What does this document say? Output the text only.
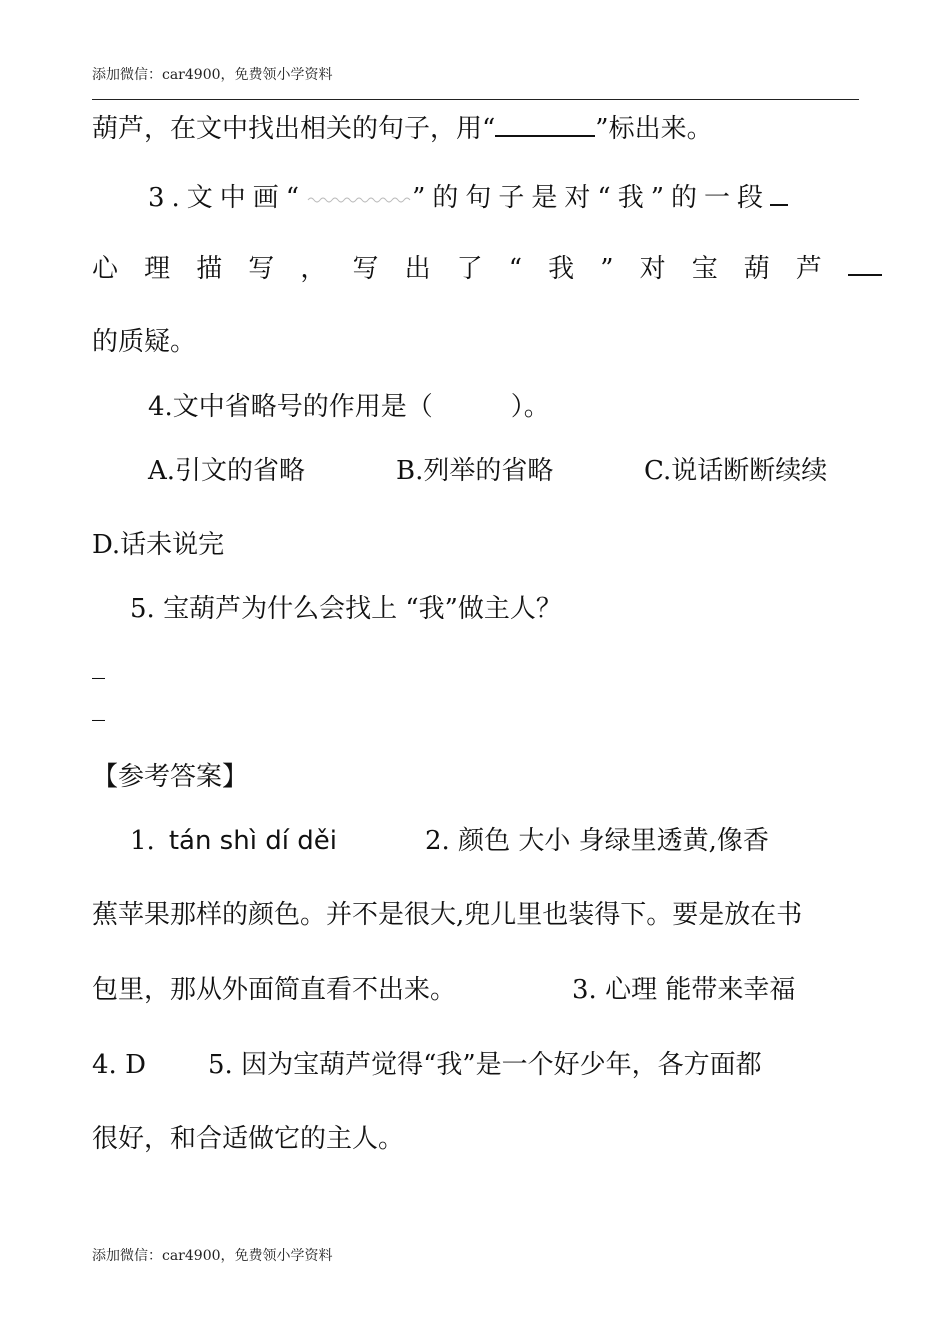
添加微信：car4900，免费领小学资料
葫芦，在文中找出相关的句子，用“	”标出来。
3.文中画“	”的句子是对“我”的一段
心 理 描 写 ， 写 出 了 “ 我 ” 对 宝 葫 芦
的质疑。
4.文中省略号的作用是（　　　）。
A.引文的省略	B.列举的省略	C.说话断断续续
D.话未说完
5. 宝葫芦为什么会找上 “我”做主人？
_
_
【参考答案】
1. tán shì dí děi	2. 颜色 大小 身绿里透黄,像香
蕉苹果那样的颜色。并不是很大,兜儿里也装得下。要是放在书
包里，那从外面简直看不出来。	3. 心理 能带来幸福
4. D 5. 因为宝葫芦觉得“我”是一个好少年，各方面都
很好，和合适做它的主人。
添加微信：car4900，免费领小学资料
